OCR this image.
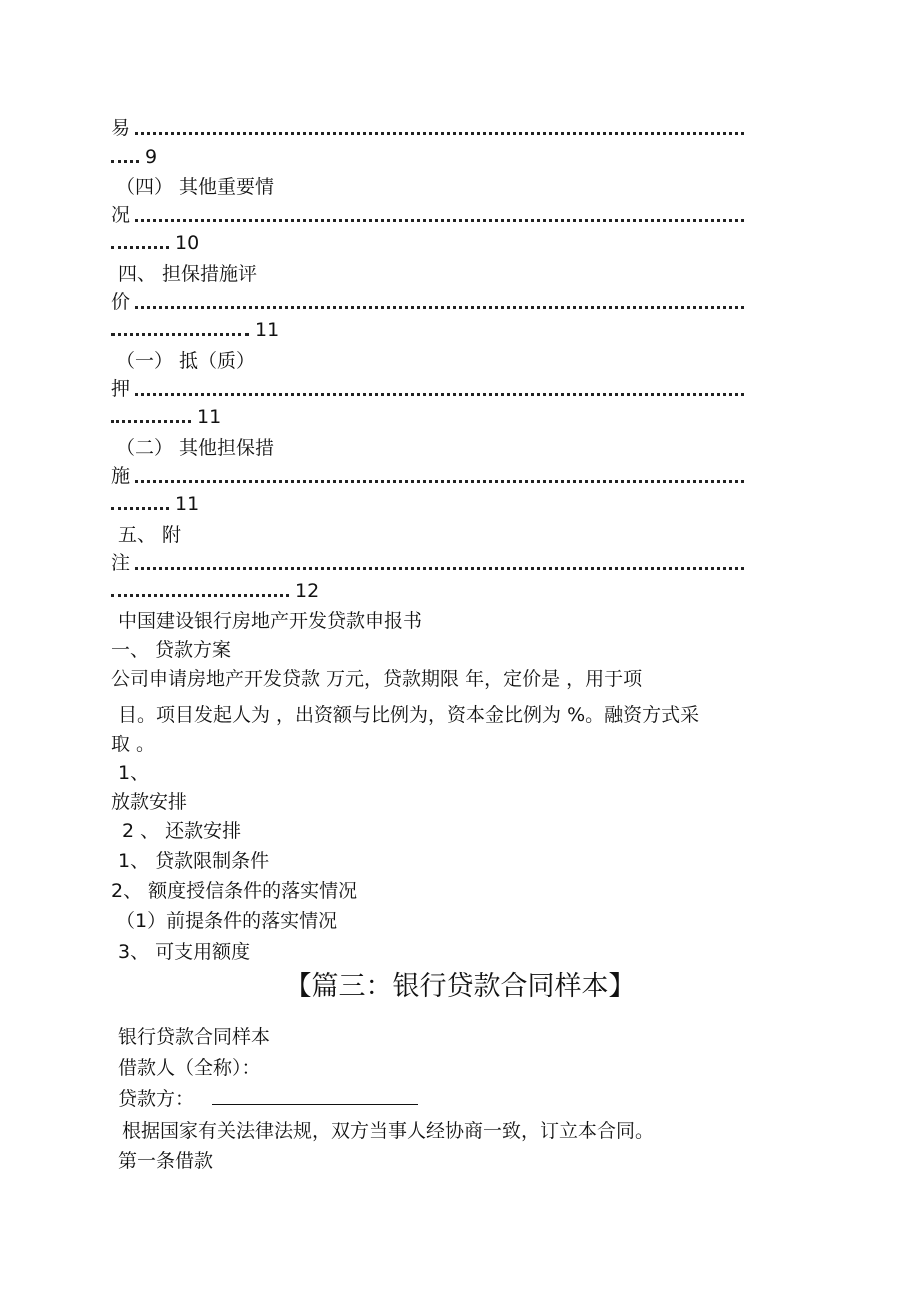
易
9
（四） 其他重要情
况
10
四、 担保措施评
价
11
（一） 抵（质）
押
11
（二） 其他担保措
施
11
五、 附
注
12
中国建设银行房地产开发贷款申报书
一、 贷款方案
公司申请房地产开发贷款 万元，贷款期限 年，定价是 ，用于项
目。项目发起人为 ，出资额与比例为，资本金比例为 %。融资方式采
取 。
1、
放款安排
2 、 还款安排
1、 贷款限制条件
2、 额度授信条件的落实情况
（1）前提条件的落实情况
3、 可支用额度
【篇三：银行贷款合同样本】
银行贷款合同样本
借款人（全称）：
贷款方：
根据国家有关法律法规，双方当事人经协商一致，订立本合同。
第一条借款
